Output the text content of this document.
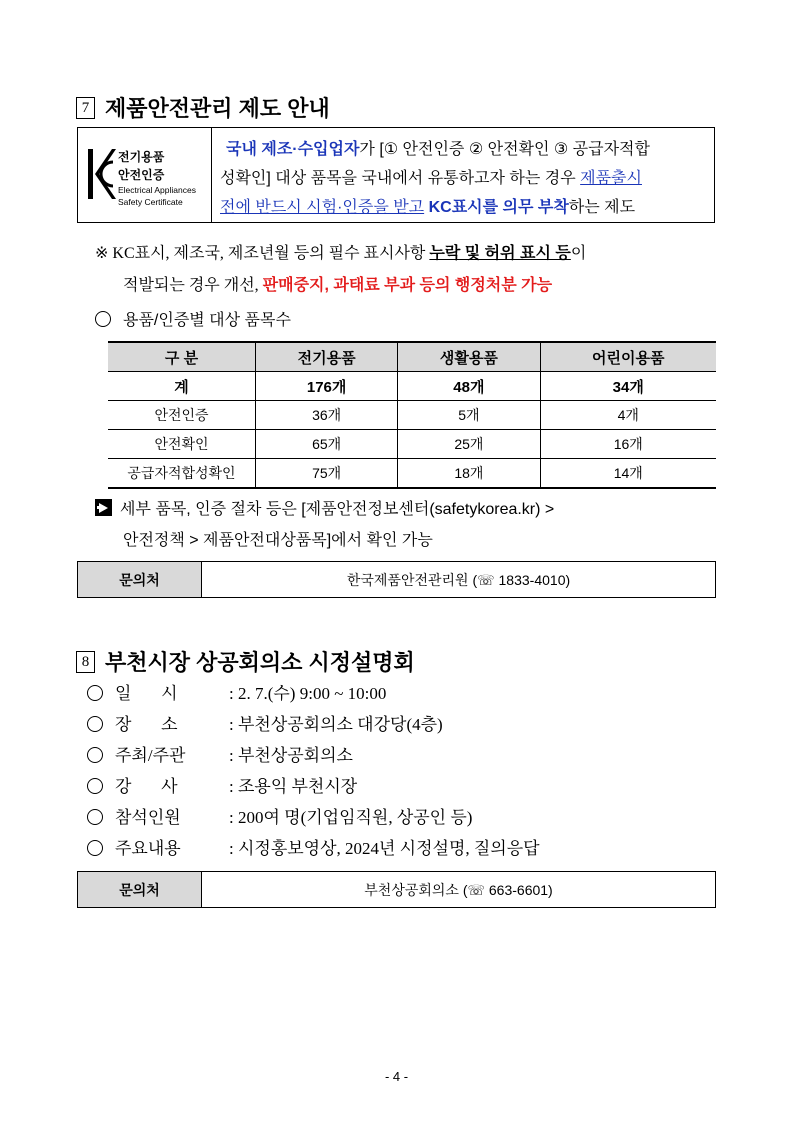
7 제품안전관리 제도 안내
전기용품
안전인증
Electrical Appliances
Safety Certificate
국내 제조·수입업자가 [① 안전인증 ② 안전확인 ③ 공급자적합
성확인] 대상 품목을 국내에서 유통하고자 하는 경우 제품출시
전에 반드시 시험·인증을 받고 KC표시를 의무 부착하는 제도
※ KC표시, 제조국, 제조년월 등의 필수 표시사항 누락 및 허위 표시 등이
적발되는 경우 개선, 판매중지, 과태료 부과 등의 행정처분 가능
용품/인증별 대상 품목수
구 분	전기용품	생활용품	어린이용품
계	176개	48개	34개
안전인증	36개	5개	4개
안전확인	65개	25개	16개
공급자적합성확인	75개	18개	14개
세부 품목, 인증 절차 등은 [제품안전정보센터(safetykorea.kr) >
안전정책 > 제품안전대상품목]에서 확인 가능
문의처	한국제품안전관리원 (☏ 1833-4010)
8 부천시장 상공회의소 시정설명회
일       시	: 2. 7.(수) 9:00 ~ 10:00
장       소	: 부천상공회의소 대강당(4층)
주최/주관	: 부천상공회의소
강       사	: 조용익 부천시장
참석인원	: 200여 명(기업임직원, 상공인 등)
주요내용	: 시정홍보영상, 2024년 시정설명, 질의응답
문의처	부천상공회의소 (☏ 663-6601)
- 4 -
